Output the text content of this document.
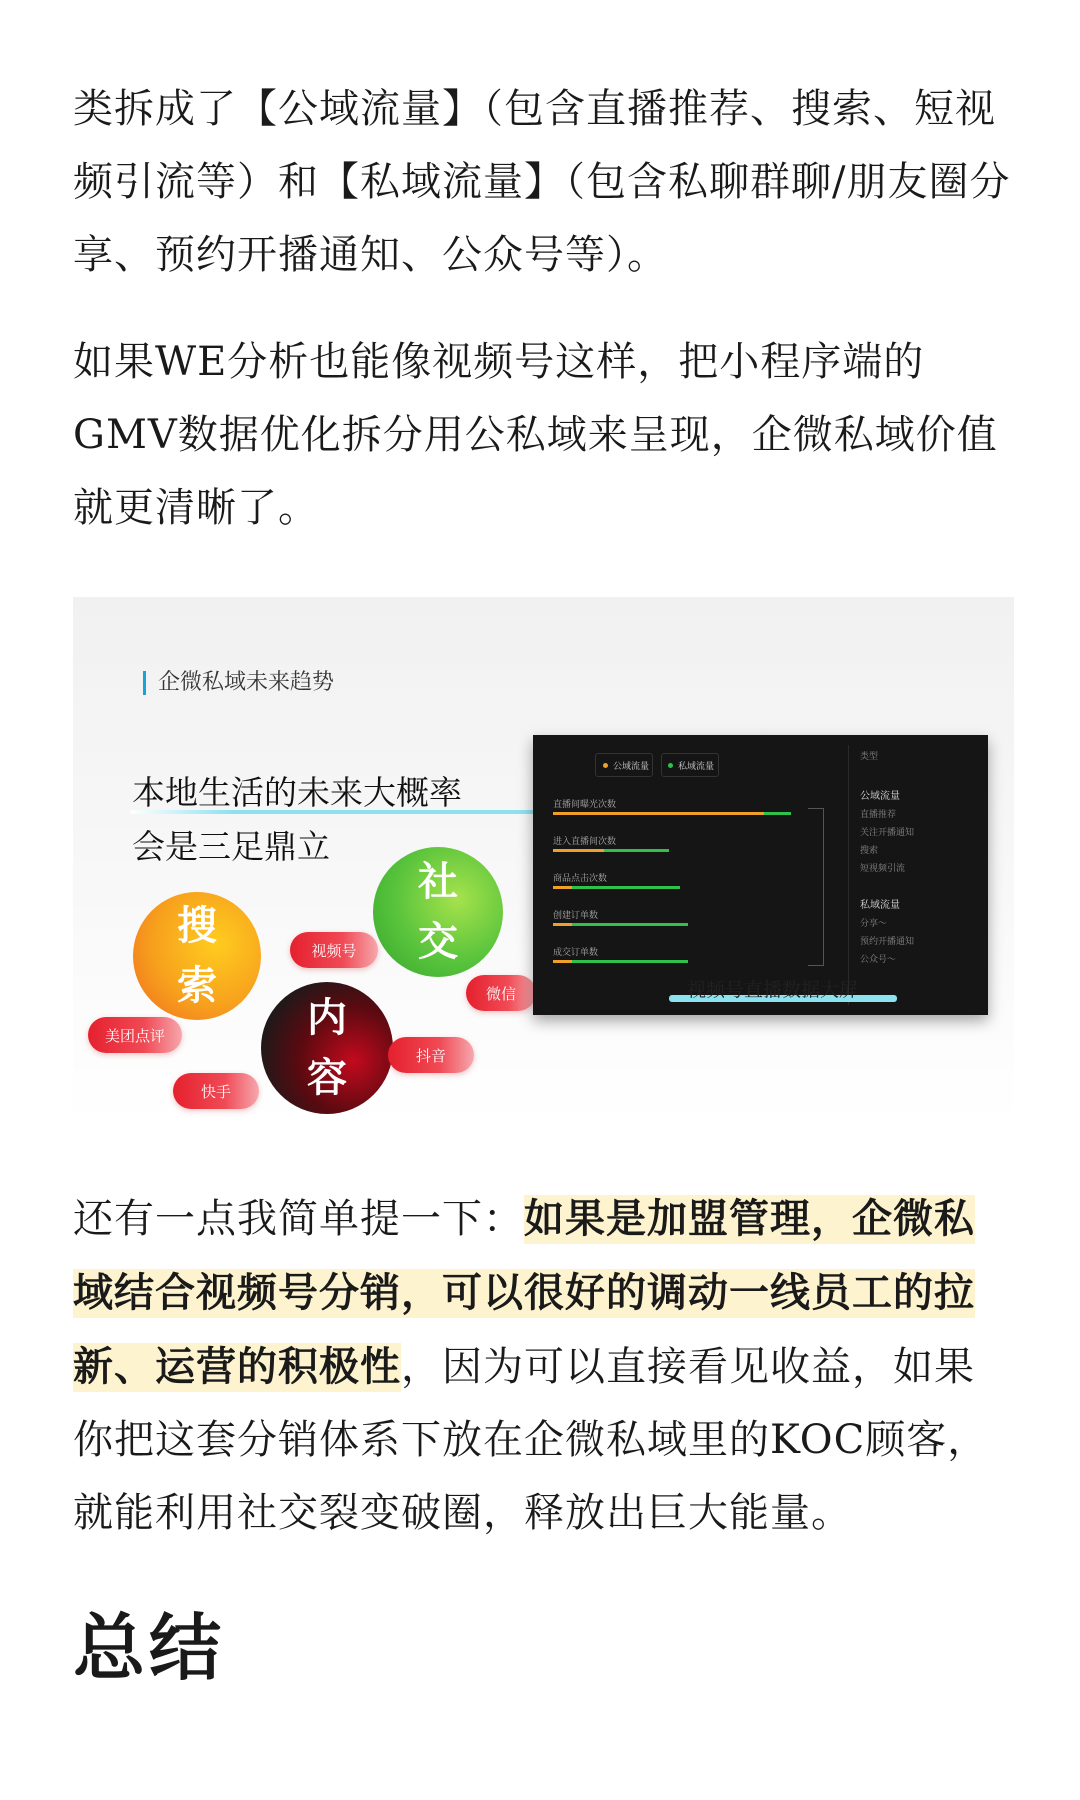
类拆成了【公域流量】（包含直播推荐、搜索、短视频引流等）和【私域流量】（包含私聊群聊/朋友圈分享、预约开播通知、公众号等）。

如果WE分析也能像视频号这样，把小程序端的GMV数据优化拆分用公私域来呈现，企微私域价值就更清晰了。

企微私域未来趋势
本地生活的未来大概率
会是三足鼎立
搜
索
社
交
内
容
视频号
微信
美团点评
抖音
快手
公域流量	私域流量
直播间曝光次数
进入直播间次数
商品点击次数
创建订单数
成交订单数
类型
公域流量
直播推荐
关注开播通知
搜索
短视频引流
私域流量
分享～
预约开播通知
公众号～
视频号直播数据大屏

还有一点我简单提一下：如果是加盟管理，企微私域结合视频号分销，可以很好的调动一线员工的拉新、运营的积极性，因为可以直接看见收益，如果你把这套分销体系下放在企微私域里的KOC顾客，就能利用社交裂变破圈，释放出巨大能量。

总结
